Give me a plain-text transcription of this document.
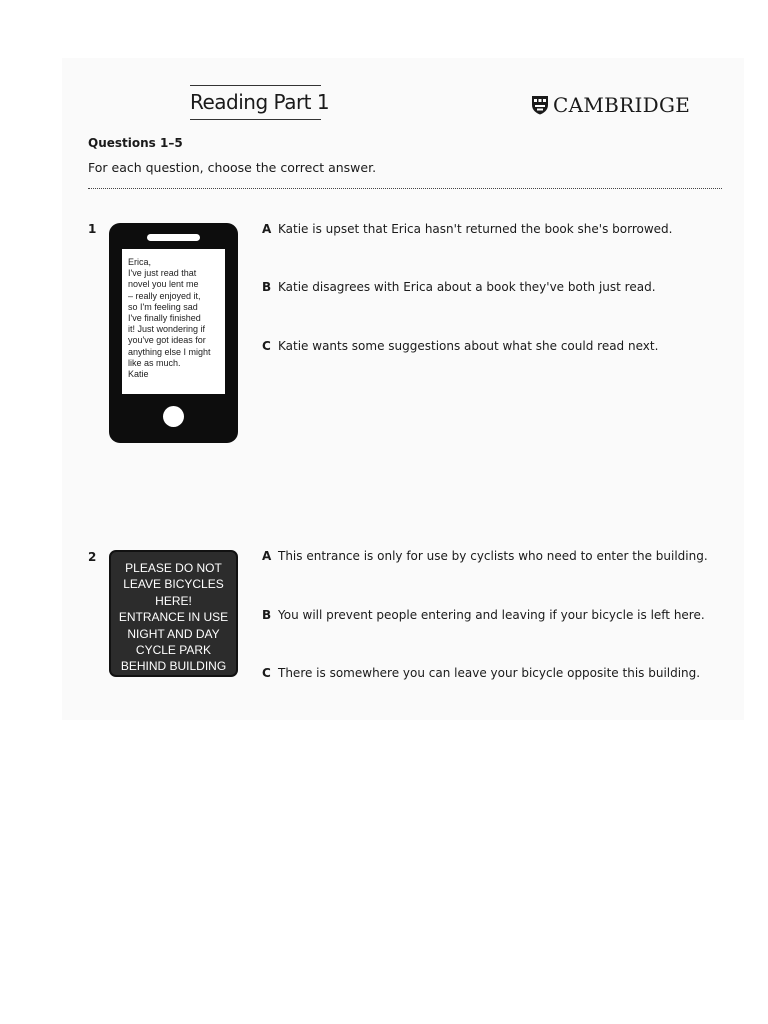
Reading Part 1	CAMBRIDGE
Questions 1–5
For each question, choose the correct answer.
1
Erica,
I've just read that
novel you lent me
– really enjoyed it,
so I'm feeling sad
I've finally finished
it! Just wondering if
you've got ideas for
anything else I might
like as much.
Katie
A Katie is upset that Erica hasn't returned the book she's borrowed.
B Katie disagrees with Erica about a book they've both just read.
C Katie wants some suggestions about what she could read next.
2
PLEASE DO NOT
LEAVE BICYCLES
HERE!
ENTRANCE IN USE
NIGHT AND DAY
CYCLE PARK
BEHIND BUILDING
A This entrance is only for use by cyclists who need to enter the building.
B You will prevent people entering and leaving if your bicycle is left here.
C There is somewhere you can leave your bicycle opposite this building.
